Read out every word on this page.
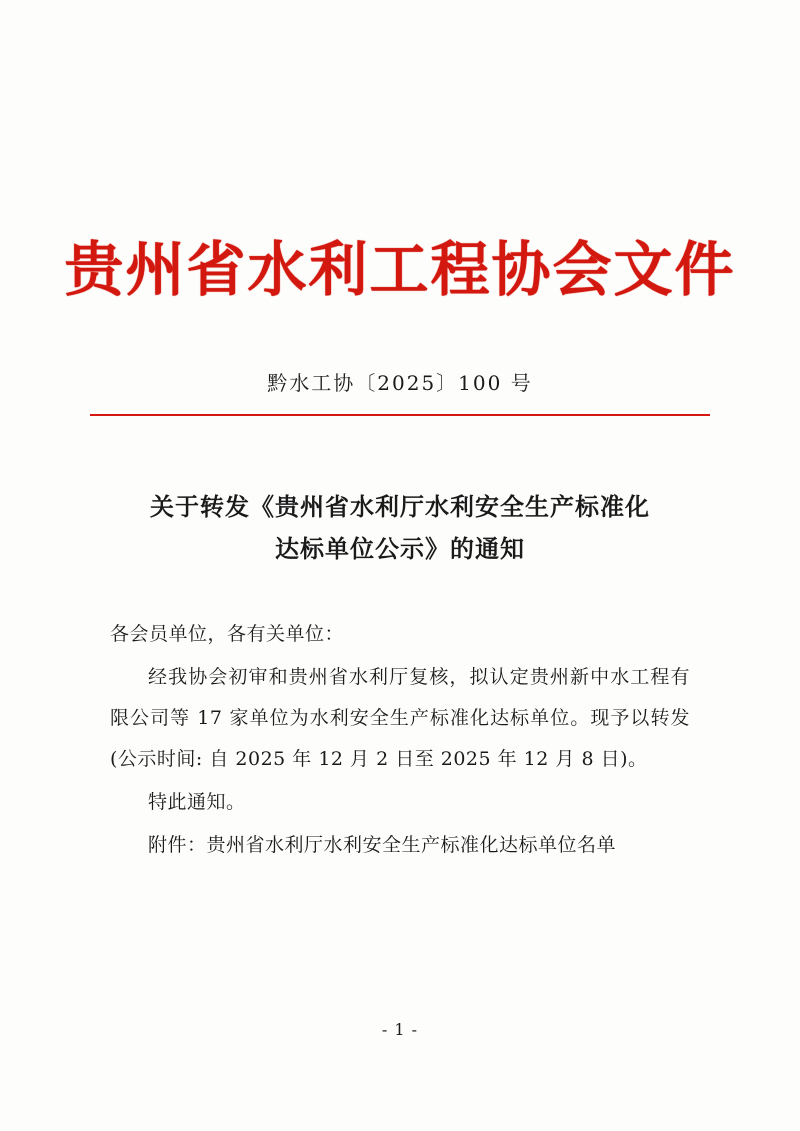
贵州省水利工程协会文件
黔水工协〔2025〕100 号
关于转发《贵州省水利厅水利安全生产标准化
达标单位公示》的通知

各会员单位，各有关单位：

经我协会初审和贵州省水利厅复核，拟认定贵州新中水工程有限公司等 17 家单位为水利安全生产标准化达标单位。现予以转发 (公示时间: 自 2025 年 12 月 2 日至 2025 年 12 月 8 日)。

特此通知。

附件：贵州省水利厅水利安全生产标准化达标单位名单

- 1 -
